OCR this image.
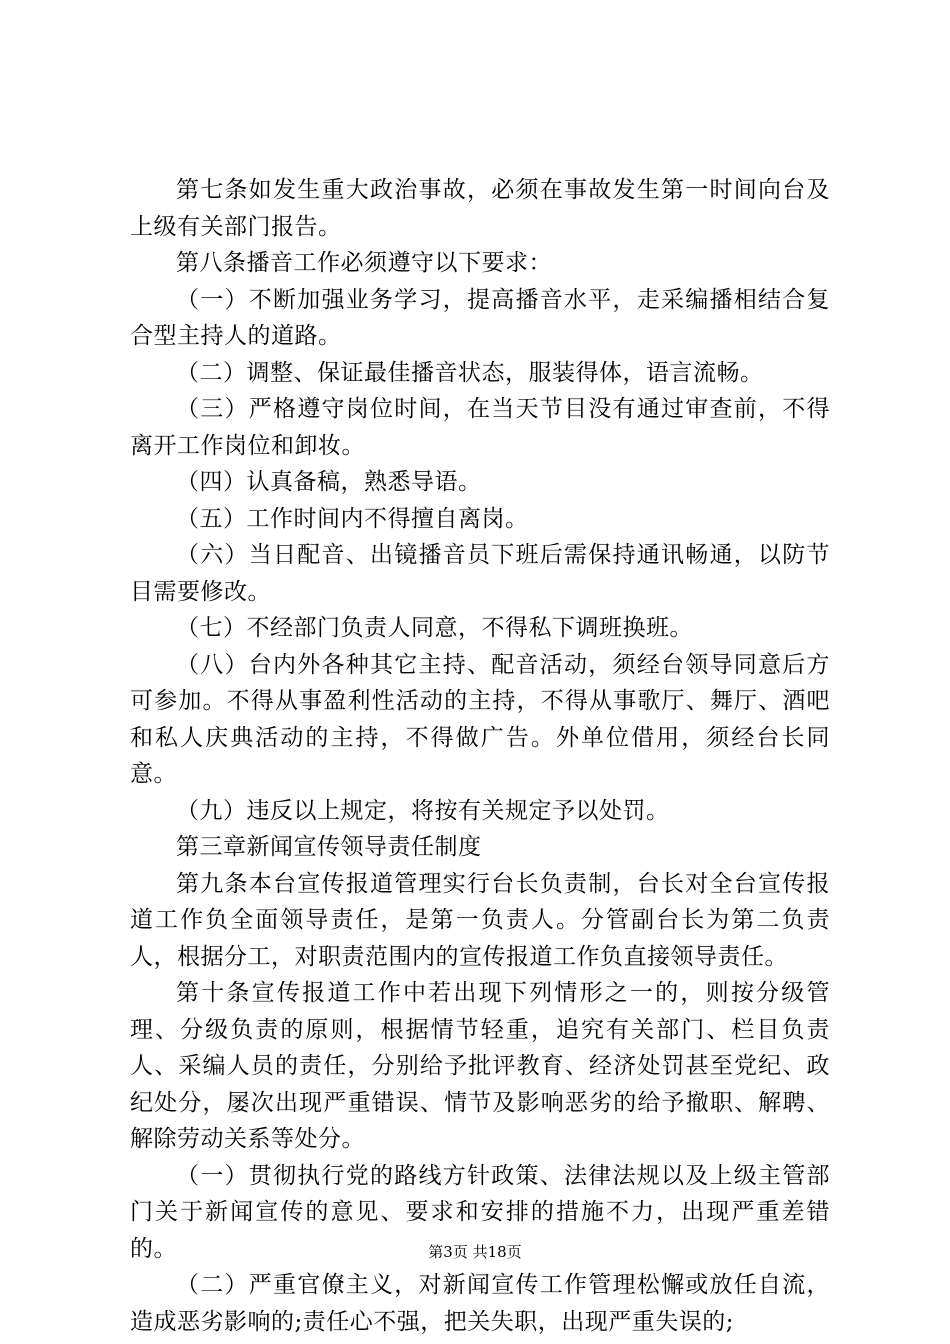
第七条如发生重大政治事故，必须在事故发生第一时间向台及上级有关部门报告。

第八条播音工作必须遵守以下要求：

（一）不断加强业务学习，提高播音水平，走采编播相结合复合型主持人的道路。

（二）调整、保证最佳播音状态，服装得体，语言流畅。

（三）严格遵守岗位时间，在当天节目没有通过审查前，不得离开工作岗位和卸妆。

（四）认真备稿，熟悉导语。

（五）工作时间内不得擅自离岗。

（六）当日配音、出镜播音员下班后需保持通讯畅通，以防节目需要修改。

（七）不经部门负责人同意，不得私下调班换班。

（八）台内外各种其它主持、配音活动，须经台领导同意后方可参加。不得从事盈利性活动的主持，不得从事歌厅、舞厅、酒吧和私人庆典活动的主持，不得做广告。外单位借用，须经台长同意。

（九）违反以上规定，将按有关规定予以处罚。

第三章新闻宣传领导责任制度

第九条本台宣传报道管理实行台长负责制，台长对全台宣传报道工作负全面领导责任，是第一负责人。分管副台长为第二负责人，根据分工，对职责范围内的宣传报道工作负直接领导责任。

第十条宣传报道工作中若出现下列情形之一的，则按分级管理、分级负责的原则，根据情节轻重，追究有关部门、栏目负责人、采编人员的责任，分别给予批评教育、经济处罚甚至党纪、政纪处分，屡次出现严重错误、情节及影响恶劣的给予撤职、解聘、解除劳动关系等处分。

（一）贯彻执行党的路线方针政策、法律法规以及上级主管部门关于新闻宣传的意见、要求和安排的措施不力，出现严重差错的。

（二）严重官僚主义，对新闻宣传工作管理松懈或放任自流，造成恶劣影响的;责任心不强，把关失职，出现严重失误的;

第3页 共18页
